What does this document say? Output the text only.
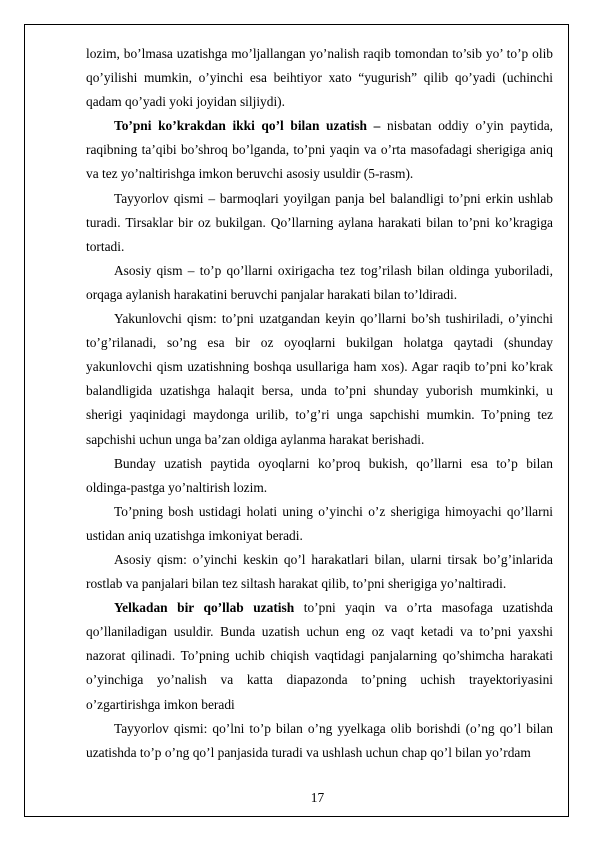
lozim, bo’lmasa uzatishga mo’ljallangan yo’nalish raqib tomondan to’sib yo’ to’p olib qo’yilishi mumkin, o’yinchi esa beihtiyor xato “yugurish” qilib qo’yadi (uchinchi qadam qo’yadi yoki joyidan siljiydi).

To’pni ko’krakdan ikki qo’l bilan uzatish – nisbatan oddiy o’yin paytida, raqibning ta’qibi bo’shroq bo’lganda, to’pni yaqin va o’rta masofadagi sherigiga aniq va tez yo’naltirishga imkon beruvchi asosiy usuldir (5-rasm).

Tayyorlov qismi – barmoqlari yoyilgan panja bel balandligi to’pni erkin ushlab turadi. Tirsaklar bir oz bukilgan. Qo’llarning aylana harakati bilan to’pni ko’kragiga tortadi.

Asosiy qism – to’p qo’llarni oxirigacha tez tog’rilash bilan oldinga yuboriladi, orqaga aylanish harakatini beruvchi panjalar harakati bilan to’ldiradi.

Yakunlovchi qism: to’pni uzatgandan keyin qo’llarni bo’sh tushiriladi, o’yinchi to’g’rilanadi, so’ng esa bir oz oyoqlarni bukilgan holatga qaytadi (shunday yakunlovchi qism uzatishning boshqa usullariga ham xos). Agar raqib to’pni ko’krak balandligida uzatishga halaqit bersa, unda to’pni shunday yuborish mumkinki, u sherigi yaqinidagi maydonga urilib, to’g’ri unga sapchishi mumkin. To’pning tez sapchishi uchun unga ba’zan oldiga aylanma harakat berishadi.

Bunday uzatish paytida oyoqlarni ko’proq bukish, qo’llarni esa to’p bilan oldinga-pastga yo’naltirish lozim.

To’pning bosh ustidagi holati uning o’yinchi o’z sherigiga himoyachi qo’llarni ustidan aniq uzatishga imkoniyat beradi.

Asosiy qism: o’yinchi keskin qo’l harakatlari bilan, ularni tirsak bo’g’inlarida rostlab va panjalari bilan tez siltash harakat qilib, to’pni sherigiga yo’naltiradi.

Yelkadan bir qo’llab uzatish to’pni yaqin va o’rta masofaga uzatishda qo’llaniladigan usuldir. Bunda uzatish uchun eng oz vaqt ketadi va to’pni yaxshi nazorat qilinadi. To’pning uchib chiqish vaqtidagi panjalarning qo’shimcha harakati o’yinchiga yo’nalish va katta diapazonda to’pning uchish trayektoriyasini o’zgartirishga imkon beradi

Tayyorlov qismi: qo’lni to’p bilan o’ng yyelkaga olib borishdi (o’ng qo’l bilan uzatishda to’p o’ng qo’l panjasida turadi va ushlash uchun chap qo’l bilan yo’rdam

17
